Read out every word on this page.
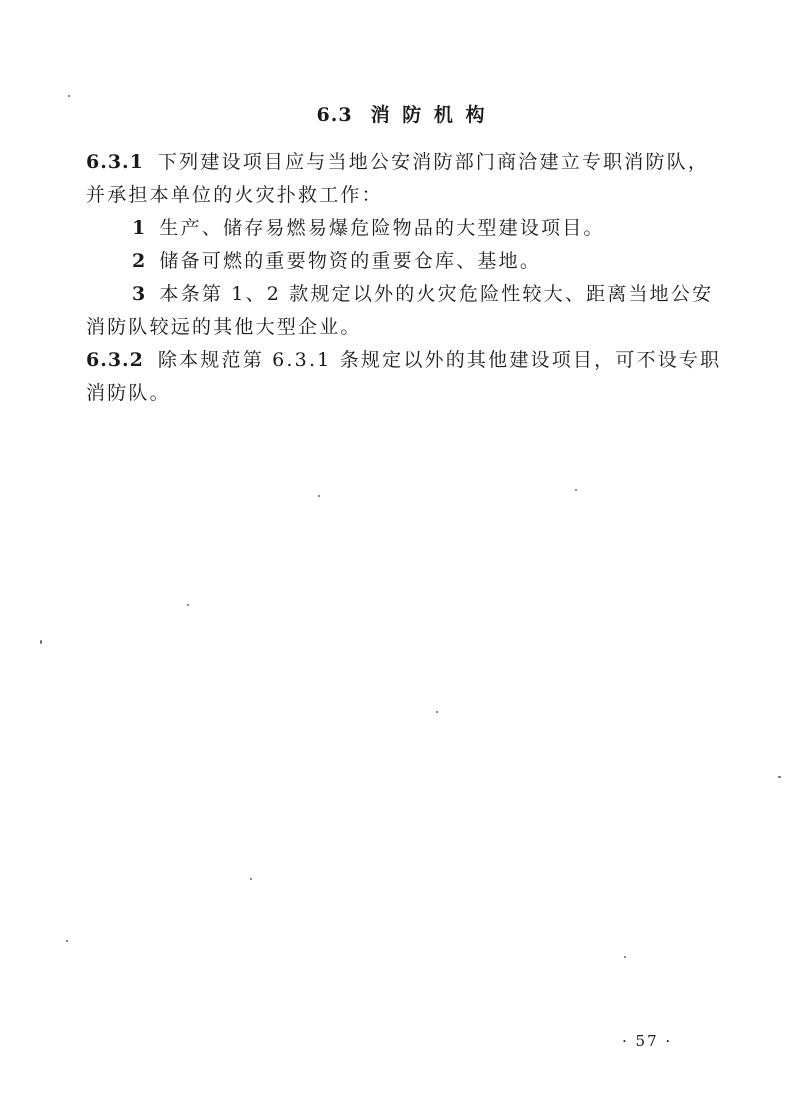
6.3 消 防 机 构

6.3.1 下列建设项目应与当地公安消防部门商洽建立专职消防队，并承担本单位的火灾扑救工作：

1 生产、储存易燃易爆危险物品的大型建设项目。

2 储备可燃的重要物资的重要仓库、基地。

3 本条第 1、2 款规定以外的火灾危险性较大、距离当地公安消防队较远的其他大型企业。

6.3.2 除本规范第 6.3.1 条规定以外的其他建设项目，可不设专职消防队。

· 57 ·
